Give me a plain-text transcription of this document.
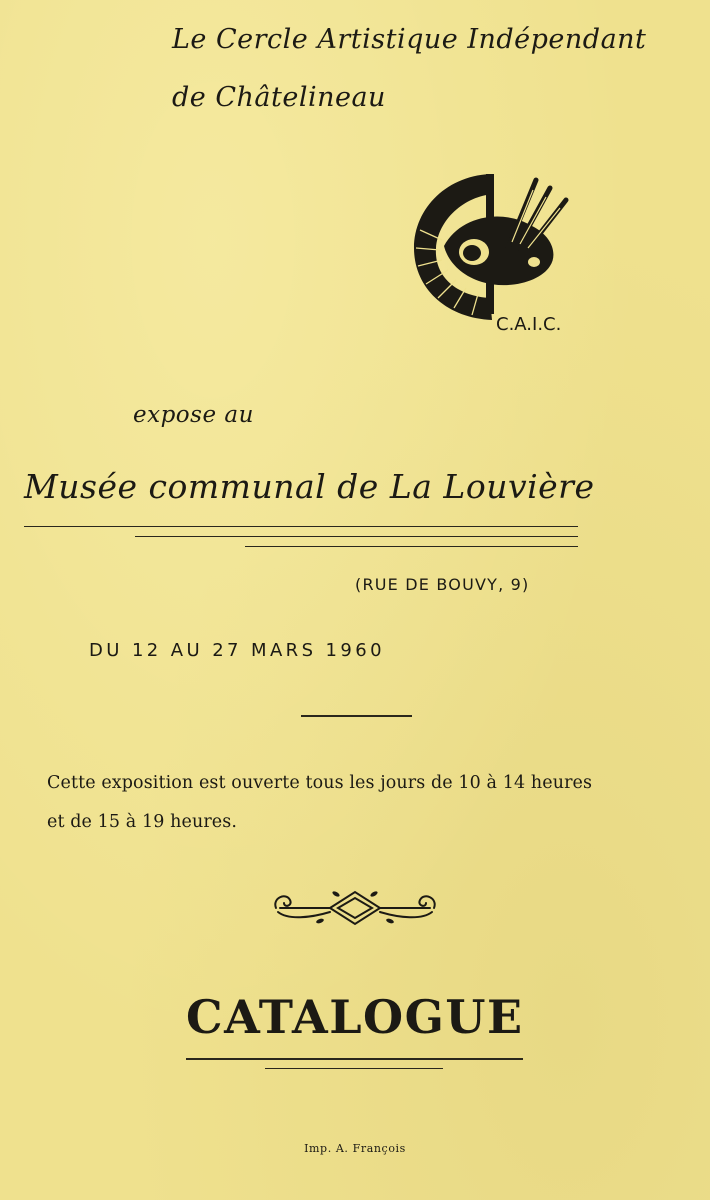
Le Cercle Artistique Indépendant
de Châtelineau
C.A.I.C.
expose au
Musée communal de La Louvière
(RUE DE BOUVY, 9)
DU 12 AU 27 MARS 1960
Cette exposition est ouverte tous les jours de 10 à 14 heures
et de 15 à 19 heures.
CATALOGUE
Imp. A. François
